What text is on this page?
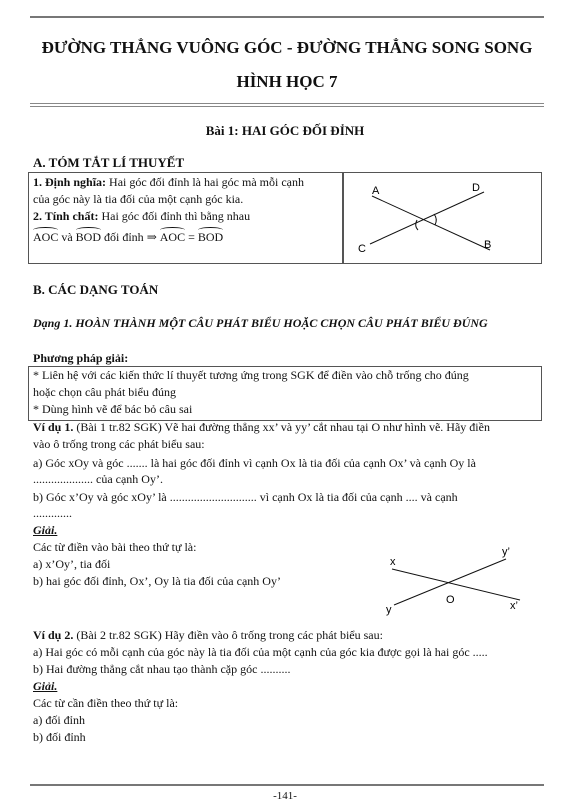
ĐƯỜNG THẲNG VUÔNG GÓC - ĐƯỜNG THẲNG SONG SONG
HÌNH HỌC 7
Bài 1: HAI GÓC ĐỐI ĐỈNH
A. TÓM TẮT LÍ THUYẾT
1. Định nghĩa: Hai góc đối đỉnh là hai góc mà mỗi cạnh
của góc này là tia đối của một cạnh góc kia.
2. Tính chất: Hai góc đối đỉnh thì bằng nhau
AOC và BOD đối đỉnh ⇒ AOC = BOD
A	D
C	B
B. CÁC DẠNG TOÁN
Dạng 1. HOÀN THÀNH MỘT CÂU PHÁT BIỂU HOẶC CHỌN CÂU PHÁT BIỂU ĐÚNG
Phương pháp giải:
* Liên hệ với các kiến thức lí thuyết tương ứng trong SGK để điền vào chỗ trống cho đúng
hoặc chọn câu phát biểu đúng
* Dùng hình vẽ để bác bỏ câu sai
Ví dụ 1. (Bài 1 tr.82 SGK) Vẽ hai đường thẳng xx’ và yy’ cắt nhau tại O như hình vẽ. Hãy điền
vào ô trống trong các phát biểu sau:
a) Góc xOy và góc ....... là hai góc đối đỉnh vì cạnh Ox là tia đối của cạnh Ox’ và cạnh Oy là
.................... của cạnh Oy’.
b) Góc x’Oy và góc xOy’ là ............................. vì cạnh Ox là tia đối của cạnh .... và cạnh
.............
Giải.
Các từ điền vào bài theo thứ tự là:
a) x’Oy’, tia đối
b) hai góc đối đỉnh, Ox’, Oy là tia đối của cạnh Oy’
x
y’
O
y	x’
Ví dụ 2. (Bài 2 tr.82 SGK) Hãy điền vào ô trống trong các phát biểu sau:
a) Hai góc có mỗi cạnh của góc này là tia đối của một cạnh của góc kia được gọi là hai góc .....
b) Hai đường thẳng cắt nhau tạo thành cặp góc ..........
Giải.
Các từ cần điền theo thứ tự là:
a) đối đỉnh
b) đối đỉnh
-141-
